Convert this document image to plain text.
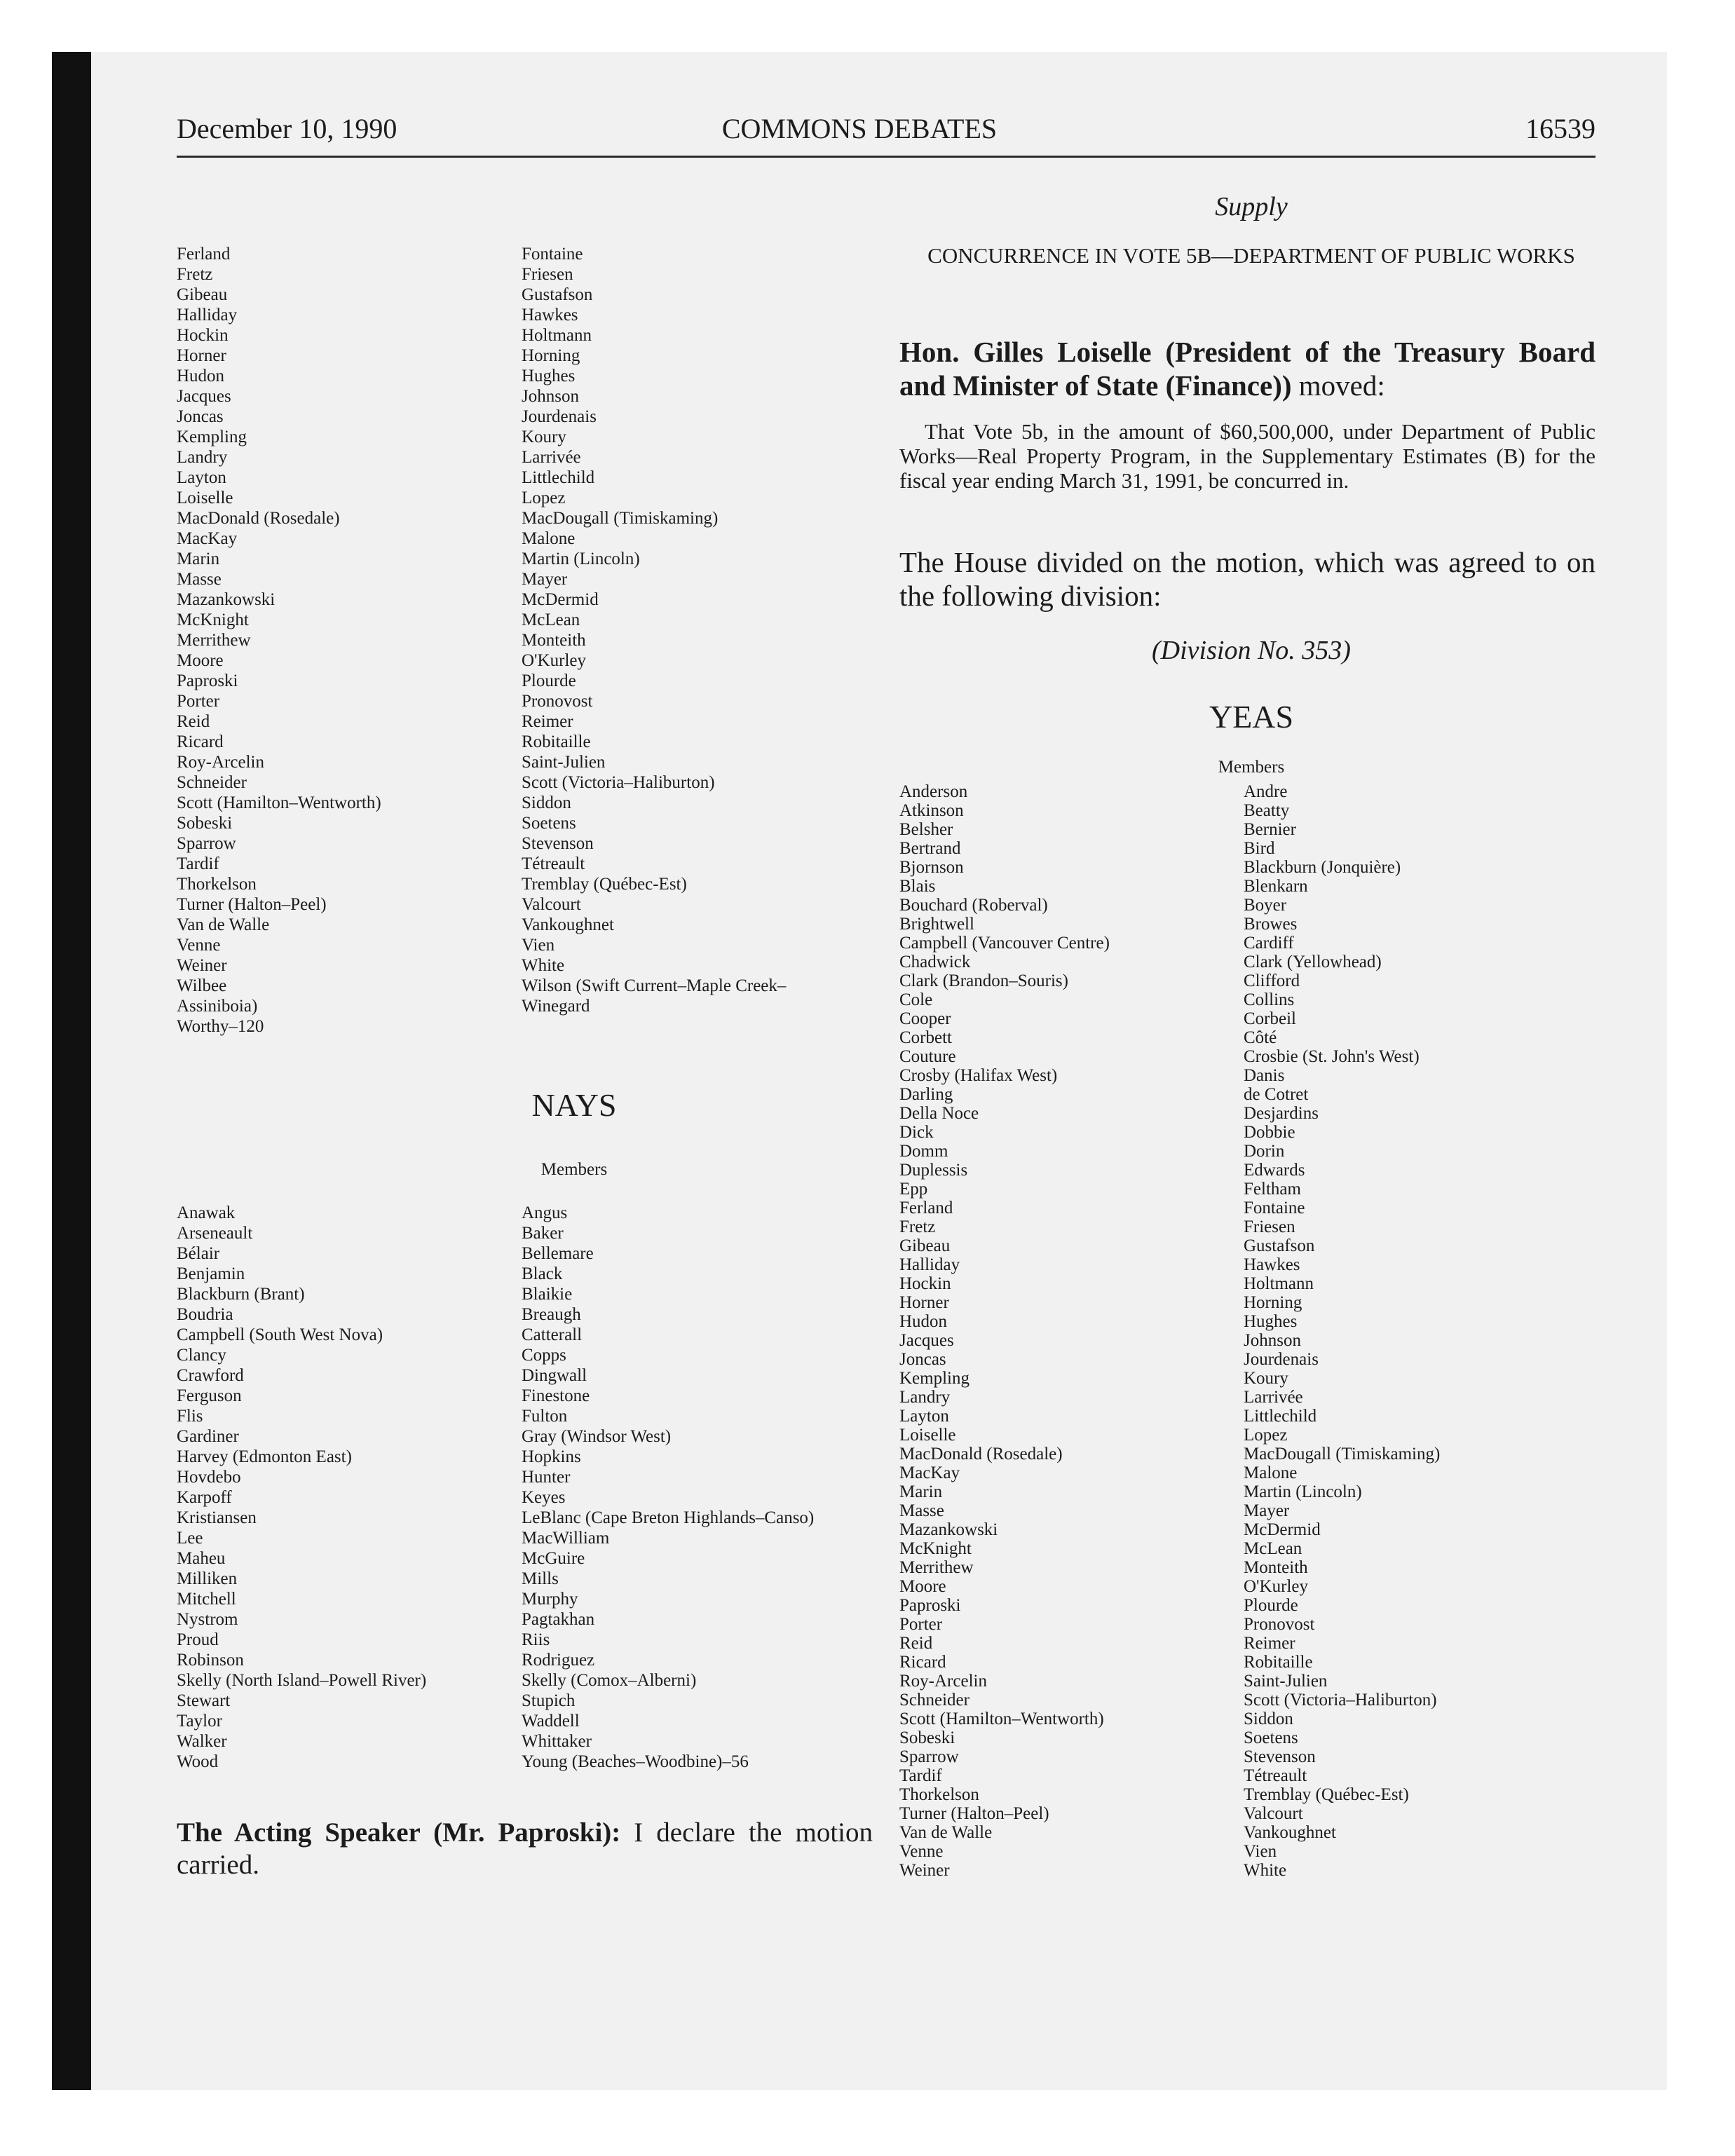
December 10, 1990	COMMONS DEBATES	16539
Ferland
Fretz
Gibeau
Halliday
Hockin
Horner
Hudon
Jacques
Joncas
Kempling
Landry
Layton
Loiselle
MacDonald (Rosedale)
MacKay
Marin
Masse
Mazankowski
McKnight
Merrithew
Moore
Paproski
Porter
Reid
Ricard
Roy-Arcelin
Schneider
Scott (Hamilton–Wentworth)
Sobeski
Sparrow
Tardif
Thorkelson
Turner (Halton–Peel)
Van de Walle
Venne
Weiner
Wilbee
Assiniboia)
Worthy–120
Fontaine
Friesen
Gustafson
Hawkes
Holtmann
Horning
Hughes
Johnson
Jourdenais
Koury
Larrivée
Littlechild
Lopez
MacDougall (Timiskaming)
Malone
Martin (Lincoln)
Mayer
McDermid
McLean
Monteith
O'Kurley
Plourde
Pronovost
Reimer
Robitaille
Saint-Julien
Scott (Victoria–Haliburton)
Siddon
Soetens
Stevenson
Tétreault
Tremblay (Québec-Est)
Valcourt
Vankoughnet
Vien
White
Wilson (Swift Current–Maple Creek–
Winegard
NAYS
Members
Anawak
Arseneault
Bélair
Benjamin
Blackburn (Brant)
Boudria
Campbell (South West Nova)
Clancy
Crawford
Ferguson
Flis
Gardiner
Harvey (Edmonton East)
Hovdebo
Karpoff
Kristiansen
Lee
Maheu
Milliken
Mitchell
Nystrom
Proud
Robinson
Skelly (North Island–Powell River)
Stewart
Taylor
Walker
Wood
Angus
Baker
Bellemare
Black
Blaikie
Breaugh
Catterall
Copps
Dingwall
Finestone
Fulton
Gray (Windsor West)
Hopkins
Hunter
Keyes
LeBlanc (Cape Breton Highlands–Canso)
MacWilliam
McGuire
Mills
Murphy
Pagtakhan
Riis
Rodriguez
Skelly (Comox–Alberni)
Stupich
Waddell
Whittaker
Young (Beaches–Woodbine)–56
The Acting Speaker (Mr. Paproski): I declare the motion carried.
Supply
CONCURRENCE IN VOTE 5B—DEPARTMENT OF PUBLIC WORKS
Hon. Gilles Loiselle (President of the Treasury Board and Minister of State (Finance)) moved:
That Vote 5b, in the amount of $60,500,000, under Department of Public Works—Real Property Program, in the Supplementary Estimates (B) for the fiscal year ending March 31, 1991, be concurred in.
The House divided on the motion, which was agreed to on the following division:
(Division No. 353)
YEAS
Members
Anderson
Atkinson
Belsher
Bertrand
Bjornson
Blais
Bouchard (Roberval)
Brightwell
Campbell (Vancouver Centre)
Chadwick
Clark (Brandon–Souris)
Cole
Cooper
Corbett
Couture
Crosby (Halifax West)
Darling
Della Noce
Dick
Domm
Duplessis
Epp
Ferland
Fretz
Gibeau
Halliday
Hockin
Horner
Hudon
Jacques
Joncas
Kempling
Landry
Layton
Loiselle
MacDonald (Rosedale)
MacKay
Marin
Masse
Mazankowski
McKnight
Merrithew
Moore
Paproski
Porter
Reid
Ricard
Roy-Arcelin
Schneider
Scott (Hamilton–Wentworth)
Sobeski
Sparrow
Tardif
Thorkelson
Turner (Halton–Peel)
Van de Walle
Venne
Weiner
Andre
Beatty
Bernier
Bird
Blackburn (Jonquière)
Blenkarn
Boyer
Browes
Cardiff
Clark (Yellowhead)
Clifford
Collins
Corbeil
Côté
Crosbie (St. John's West)
Danis
de Cotret
Desjardins
Dobbie
Dorin
Edwards
Feltham
Fontaine
Friesen
Gustafson
Hawkes
Holtmann
Horning
Hughes
Johnson
Jourdenais
Koury
Larrivée
Littlechild
Lopez
MacDougall (Timiskaming)
Malone
Martin (Lincoln)
Mayer
McDermid
McLean
Monteith
O'Kurley
Plourde
Pronovost
Reimer
Robitaille
Saint-Julien
Scott (Victoria–Haliburton)
Siddon
Soetens
Stevenson
Tétreault
Tremblay (Québec-Est)
Valcourt
Vankoughnet
Vien
White
